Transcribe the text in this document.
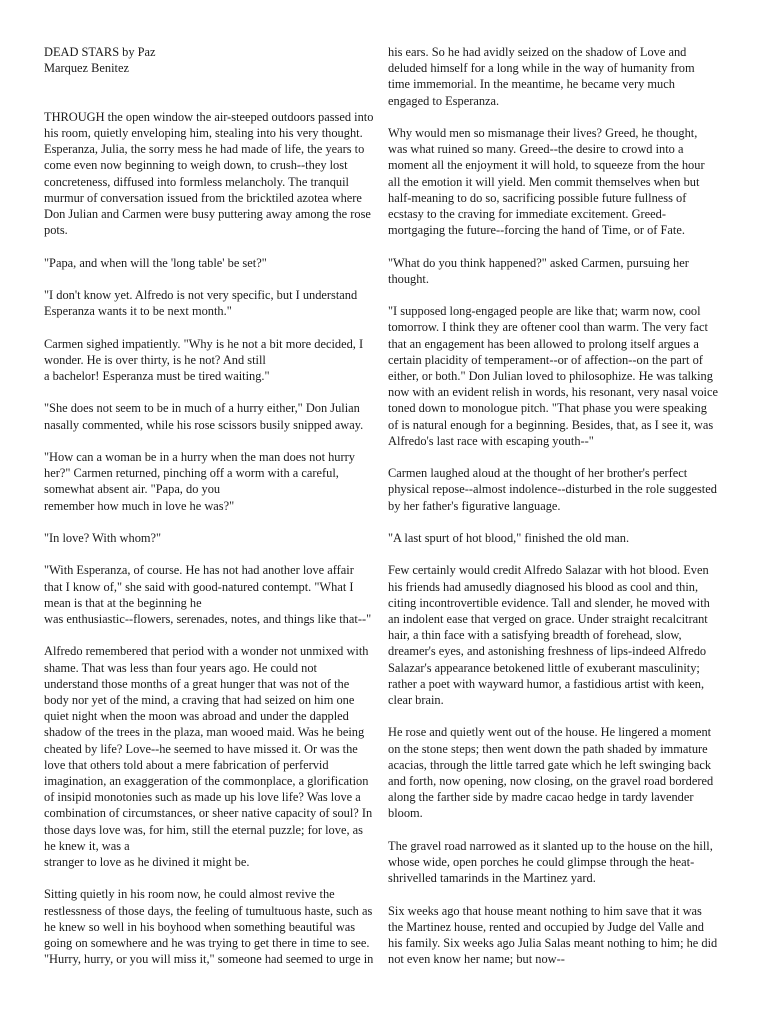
DEAD STARS by Paz
Marquez Benitez

THROUGH the open window the air-steeped outdoors passed into
his room, quietly enveloping him, stealing into his very thought.
Esperanza, Julia, the sorry mess he had made of life, the years to
come even now beginning to weigh down, to crush--they lost
concreteness, diffused into formless melancholy. The tranquil
murmur of conversation issued from the bricktiled azotea where
Don Julian and Carmen were busy puttering away among the rose
pots.

"Papa, and when will the 'long table' be set?"

"I don't know yet. Alfredo is not very specific, but I understand
Esperanza wants it to be next month."

Carmen sighed impatiently. "Why is he not a bit more decided, I
wonder. He is over thirty, is he not? And still
a bachelor! Esperanza must be tired waiting."

"She does not seem to be in much of a hurry either," Don Julian
nasally commented, while his rose scissors busily snipped away.

"How can a woman be in a hurry when the man does not hurry
her?" Carmen returned, pinching off a worm with a careful,
somewhat absent air. "Papa, do you
remember how much in love he was?"

"In love? With whom?"

"With Esperanza, of course. He has not had another love affair
that I know of," she said with good-natured contempt. "What I
mean is that at the beginning he
was enthusiastic--flowers, serenades, notes, and things like that--"

Alfredo remembered that period with a wonder not unmixed with
shame. That was less than four years ago. He could not
understand those months of a great hunger that was not of the
body nor yet of the mind, a craving that had seized on him one
quiet night when the moon was abroad and under the dappled
shadow of the trees in the plaza, man wooed maid. Was he being
cheated by life? Love--he seemed to have missed it. Or was the
love that others told about a mere fabrication of perfervid
imagination, an exaggeration of the commonplace, a glorification
of insipid monotonies such as made up his love life? Was love a
combination of circumstances, or sheer native capacity of soul? In
those days love was, for him, still the eternal puzzle; for love, as
he knew it, was a
stranger to love as he divined it might be.

Sitting quietly in his room now, he could almost revive the
restlessness of those days, the feeling of tumultuous haste, such as
he knew so well in his boyhood when something beautiful was
going on somewhere and he was trying to get there in time to see.
"Hurry, hurry, or you will miss it," someone had seemed to urge in

his ears. So he had avidly seized on the shadow of Love and
deluded himself for a long while in the way of humanity from
time immemorial. In the meantime, he became very much
engaged to Esperanza.

Why would men so mismanage their lives? Greed, he thought,
was what ruined so many. Greed--the desire to crowd into a
moment all the enjoyment it will hold, to squeeze from the hour
all the emotion it will yield. Men commit themselves when but
half-meaning to do so, sacrificing possible future fullness of
ecstasy to the craving for immediate excitement. Greed-
mortgaging the future--forcing the hand of Time, or of Fate.

"What do you think happened?" asked Carmen, pursuing her
thought.

"I supposed long-engaged people are like that; warm now, cool
tomorrow. I think they are oftener cool than warm. The very fact
that an engagement has been allowed to prolong itself argues a
certain placidity of temperament--or of affection--on the part of
either, or both." Don Julian loved to philosophize. He was talking
now with an evident relish in words, his resonant, very nasal voice
toned down to monologue pitch. "That phase you were speaking
of is natural enough for a beginning. Besides, that, as I see it, was
Alfredo's last race with escaping youth--"

Carmen laughed aloud at the thought of her brother's perfect
physical repose--almost indolence--disturbed in the role suggested
by her father's figurative language.

"A last spurt of hot blood," finished the old man.

Few certainly would credit Alfredo Salazar with hot blood. Even
his friends had amusedly diagnosed his blood as cool and thin,
citing incontrovertible evidence. Tall and slender, he moved with
an indolent ease that verged on grace. Under straight recalcitrant
hair, a thin face with a satisfying breadth of forehead, slow,
dreamer's eyes, and astonishing freshness of lips-indeed Alfredo
Salazar's appearance betokened little of exuberant masculinity;
rather a poet with wayward humor, a fastidious artist with keen,
clear brain.

He rose and quietly went out of the house. He lingered a moment
on the stone steps; then went down the path shaded by immature
acacias, through the little tarred gate which he left swinging back
and forth, now opening, now closing, on the gravel road bordered
along the farther side by madre cacao hedge in tardy lavender
bloom.

The gravel road narrowed as it slanted up to the house on the hill,
whose wide, open porches he could glimpse through the heat-
shrivelled tamarinds in the Martinez yard.

Six weeks ago that house meant nothing to him save that it was
the Martinez house, rented and occupied by Judge del Valle and
his family. Six weeks ago Julia Salas meant nothing to him; he did
not even know her name; but now--
